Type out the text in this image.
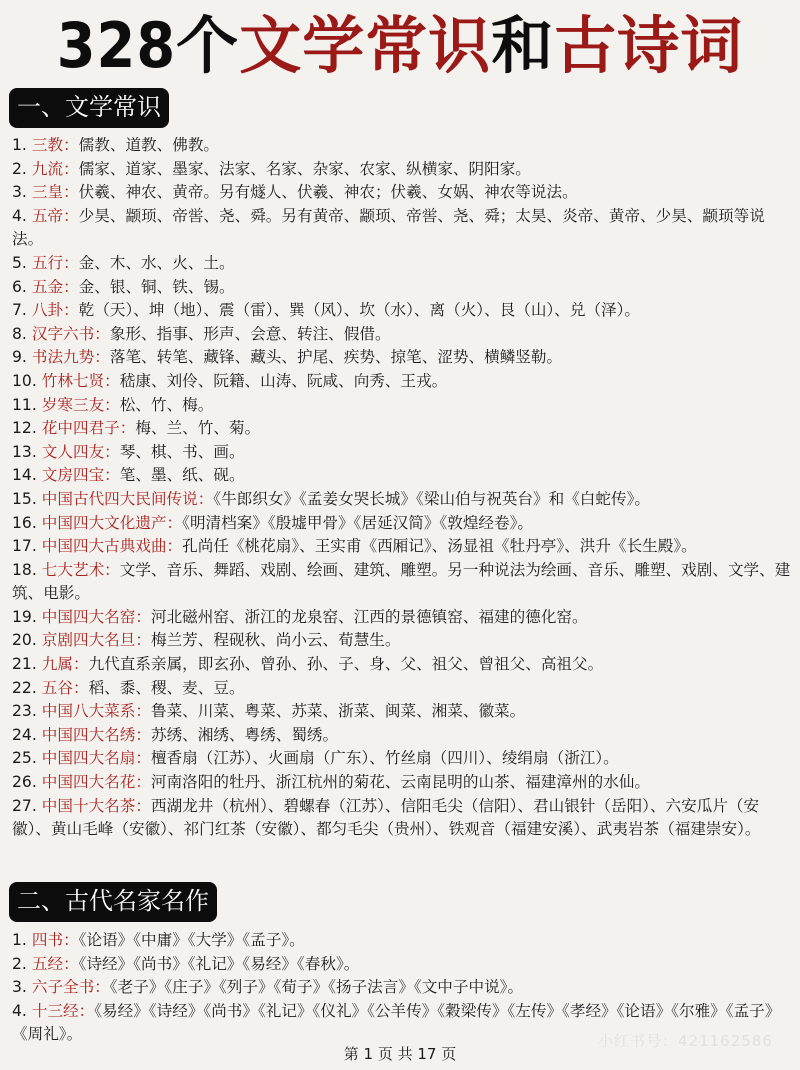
328个文学常识和古诗词
一、文学常识
1. 三教：儒教、道教、佛教。
2. 九流：儒家、道家、墨家、法家、名家、杂家、农家、纵横家、阴阳家。
3. 三皇：伏羲、神农、黄帝。另有燧人、伏羲、神农；伏羲、女娲、神农等说法。
4. 五帝：少昊、颛顼、帝喾、尧、舜。另有黄帝、颛顼、帝喾、尧、舜；太昊、炎帝、黄帝、少昊、颛顼等说法。
5. 五行：金、木、水、火、土。
6. 五金：金、银、铜、铁、锡。
7. 八卦：乾（天）、坤（地）、震（雷）、巽（风）、坎（水）、离（火）、艮（山）、兑（泽）。
8. 汉字六书：象形、指事、形声、会意、转注、假借。
9. 书法九势：落笔、转笔、藏锋、藏头、护尾、疾势、掠笔、涩势、横鳞竖勒。
10. 竹林七贤：嵇康、刘伶、阮籍、山涛、阮咸、向秀、王戎。
11. 岁寒三友：松、竹、梅。
12. 花中四君子：梅、兰、竹、菊。
13. 文人四友：琴、棋、书、画。
14. 文房四宝：笔、墨、纸、砚。
15. 中国古代四大民间传说：《牛郎织女》《孟姜女哭长城》《梁山伯与祝英台》和《白蛇传》。
16. 中国四大文化遗产：《明清档案》《殷墟甲骨》《居延汉简》《敦煌经卷》。
17. 中国四大古典戏曲：孔尚任《桃花扇》、王实甫《西厢记》、汤显祖《牡丹亭》、洪升《长生殿》。
18. 七大艺术：文学、音乐、舞蹈、戏剧、绘画、建筑、雕塑。另一种说法为绘画、音乐、雕塑、戏剧、文学、建筑、电影。
19. 中国四大名窑：河北磁州窑、浙江的龙泉窑、江西的景德镇窑、福建的德化窑。
20. 京剧四大名旦：梅兰芳、程砚秋、尚小云、荀慧生。
21. 九属：九代直系亲属，即玄孙、曾孙、孙、子、身、父、祖父、曾祖父、高祖父。
22. 五谷：稻、黍、稷、麦、豆。
23. 中国八大菜系：鲁菜、川菜、粤菜、苏菜、浙菜、闽菜、湘菜、徽菜。
24. 中国四大名绣：苏绣、湘绣、粤绣、蜀绣。
25. 中国四大名扇：檀香扇（江苏）、火画扇（广东）、竹丝扇（四川）、绫绢扇（浙江）。
26. 中国四大名花：河南洛阳的牡丹、浙江杭州的菊花、云南昆明的山茶、福建漳州的水仙。
27. 中国十大名茶：西湖龙井（杭州）、碧螺春（江苏）、信阳毛尖（信阳）、君山银针（岳阳）、六安瓜片（安徽）、黄山毛峰（安徽）、祁门红茶（安徽）、都匀毛尖（贵州）、铁观音（福建安溪）、武夷岩茶（福建崇安）。
二、古代名家名作
1. 四书：《论语》《中庸》《大学》《孟子》。
2. 五经：《诗经》《尚书》《礼记》《易经》《春秋》。
3. 六子全书：《老子》《庄子》《列子》《荀子》《扬子法言》《文中子中说》。
4. 十三经：《易经》《诗经》《尚书》《礼记》《仪礼》《公羊传》《穀梁传》《左传》《孝经》《论语》《尔雅》《孟子》《周礼》。	小红书号：421162586
第 1 页 共 17 页
